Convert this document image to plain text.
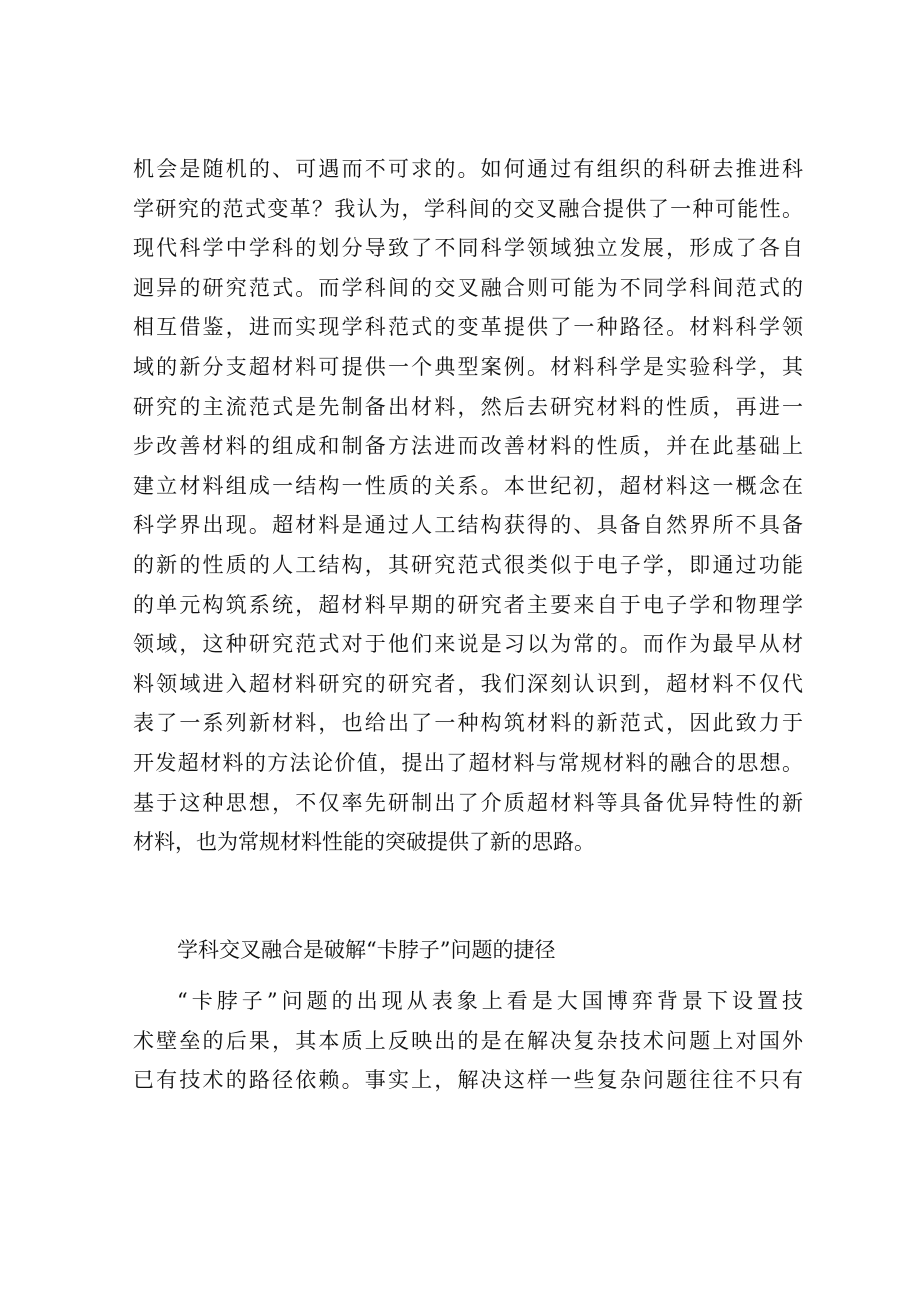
机会是随机的、可遇而不可求的。如何通过有组织的科研去推进科
学研究的范式变革？我认为，学科间的交叉融合提供了一种可能性。
现代科学中学科的划分导致了不同科学领域独立发展，形成了各自
迥异的研究范式。而学科间的交叉融合则可能为不同学科间范式的
相互借鉴，进而实现学科范式的变革提供了一种路径。材料科学领
域的新分支超材料可提供一个典型案例。材料科学是实验科学，其
研究的主流范式是先制备出材料，然后去研究材料的性质，再进一
步改善材料的组成和制备方法进而改善材料的性质，并在此基础上
建立材料组成一结构一性质的关系。本世纪初，超材料这一概念在
科学界出现。超材料是通过人工结构获得的、具备自然界所不具备
的新的性质的人工结构，其研究范式很类似于电子学，即通过功能
的单元构筑系统，超材料早期的研究者主要来自于电子学和物理学
领域，这种研究范式对于他们来说是习以为常的。而作为最早从材
料领域进入超材料研究的研究者，我们深刻认识到，超材料不仅代
表了一系列新材料，也给出了一种构筑材料的新范式，因此致力于
开发超材料的方法论价值，提出了超材料与常规材料的融合的思想。
基于这种思想，不仅率先研制出了介质超材料等具备优异特性的新
材料，也为常规材料性能的突破提供了新的思路。
学科交叉融合是破解“卡脖子”问题的捷径
“卡脖子”问题的出现从表象上看是大国博弈背景下设置技
术壁垒的后果，其本质上反映出的是在解决复杂技术问题上对国外
已有技术的路径依赖。事实上，解决这样一些复杂问题往往不只有
